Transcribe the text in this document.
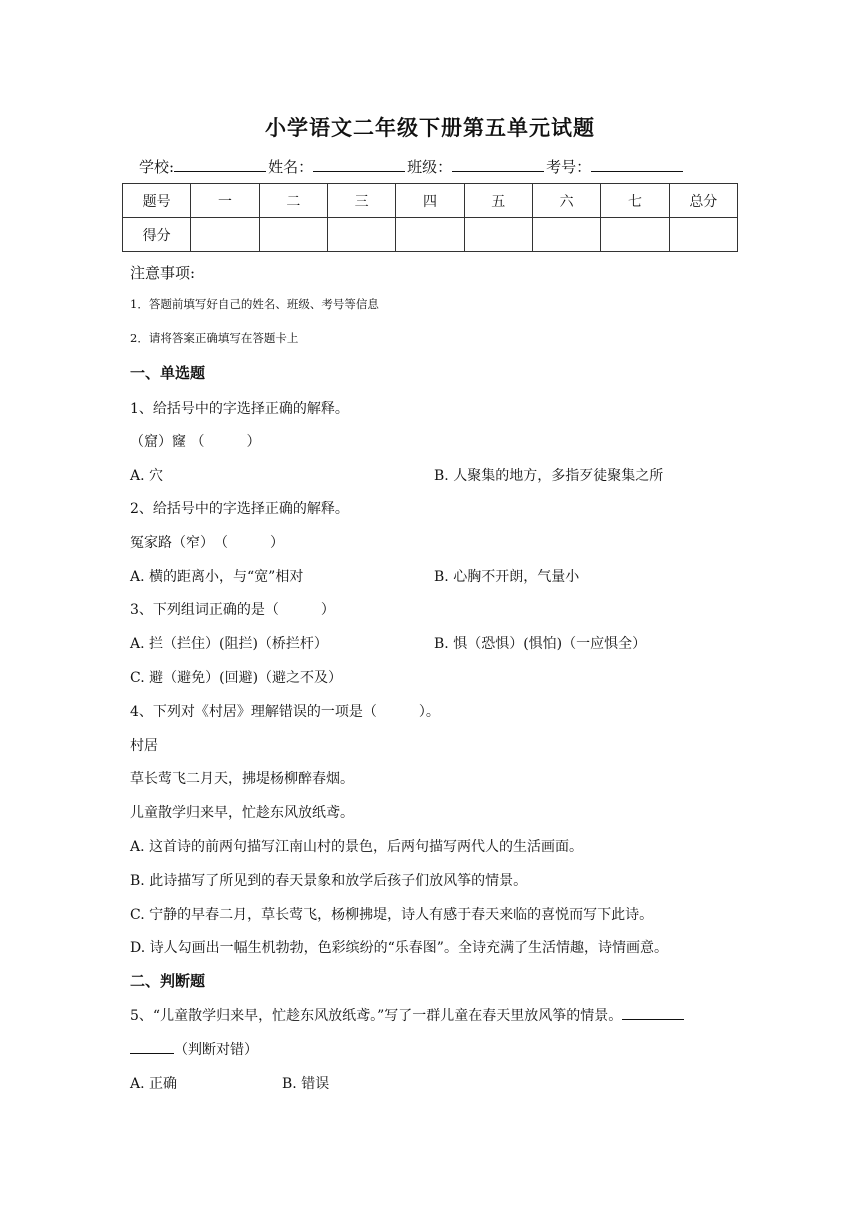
小学语文二年级下册第五单元试题
学校:	姓名：	班级：	考号：
题号	一	二	三	四	五	六	七	总分
得分								
注意事项:
1．答题前填写好自己的姓名、班级、考号等信息
2．请将答案正确填写在答题卡上
一、单选题
1、给括号中的字选择正确的解释。
（窟）窿 （　　　）
A. 穴	B. 人聚集的地方，多指歹徒聚集之所
2、给括号中的字选择正确的解释。
冤家路（窄）　（　　　）
A. 横的距离小，与“宽”相对	B. 心胸不开朗，气量小
3、下列组词正确的是（　　　）
A. 拦（拦住）(阻拦)（桥拦杆）	B. 惧（恐惧）(惧怕)（一应惧全）
C. 避（避免）(回避)（避之不及）
4、下列对《村居》理解错误的一项是（　　　）。
村居
草长莺飞二月天，拂堤杨柳醉春烟。
儿童散学归来早，忙趁东风放纸鸢。
A. 这首诗的前两句描写江南山村的景色，后两句描写两代人的生活画面。
B. 此诗描写了所见到的春天景象和放学后孩子们放风筝的情景。
C. 宁静的早春二月，草长莺飞，杨柳拂堤，诗人有感于春天来临的喜悦而写下此诗。
D. 诗人勾画出一幅生机勃勃，色彩缤纷的“乐春图”。全诗充满了生活情趣，诗情画意。
二、判断题
5、“儿童散学归来早，忙趁东风放纸鸢。”写了一群儿童在春天里放风筝的情景。
（判断对错）
A. 正确	B. 错误
